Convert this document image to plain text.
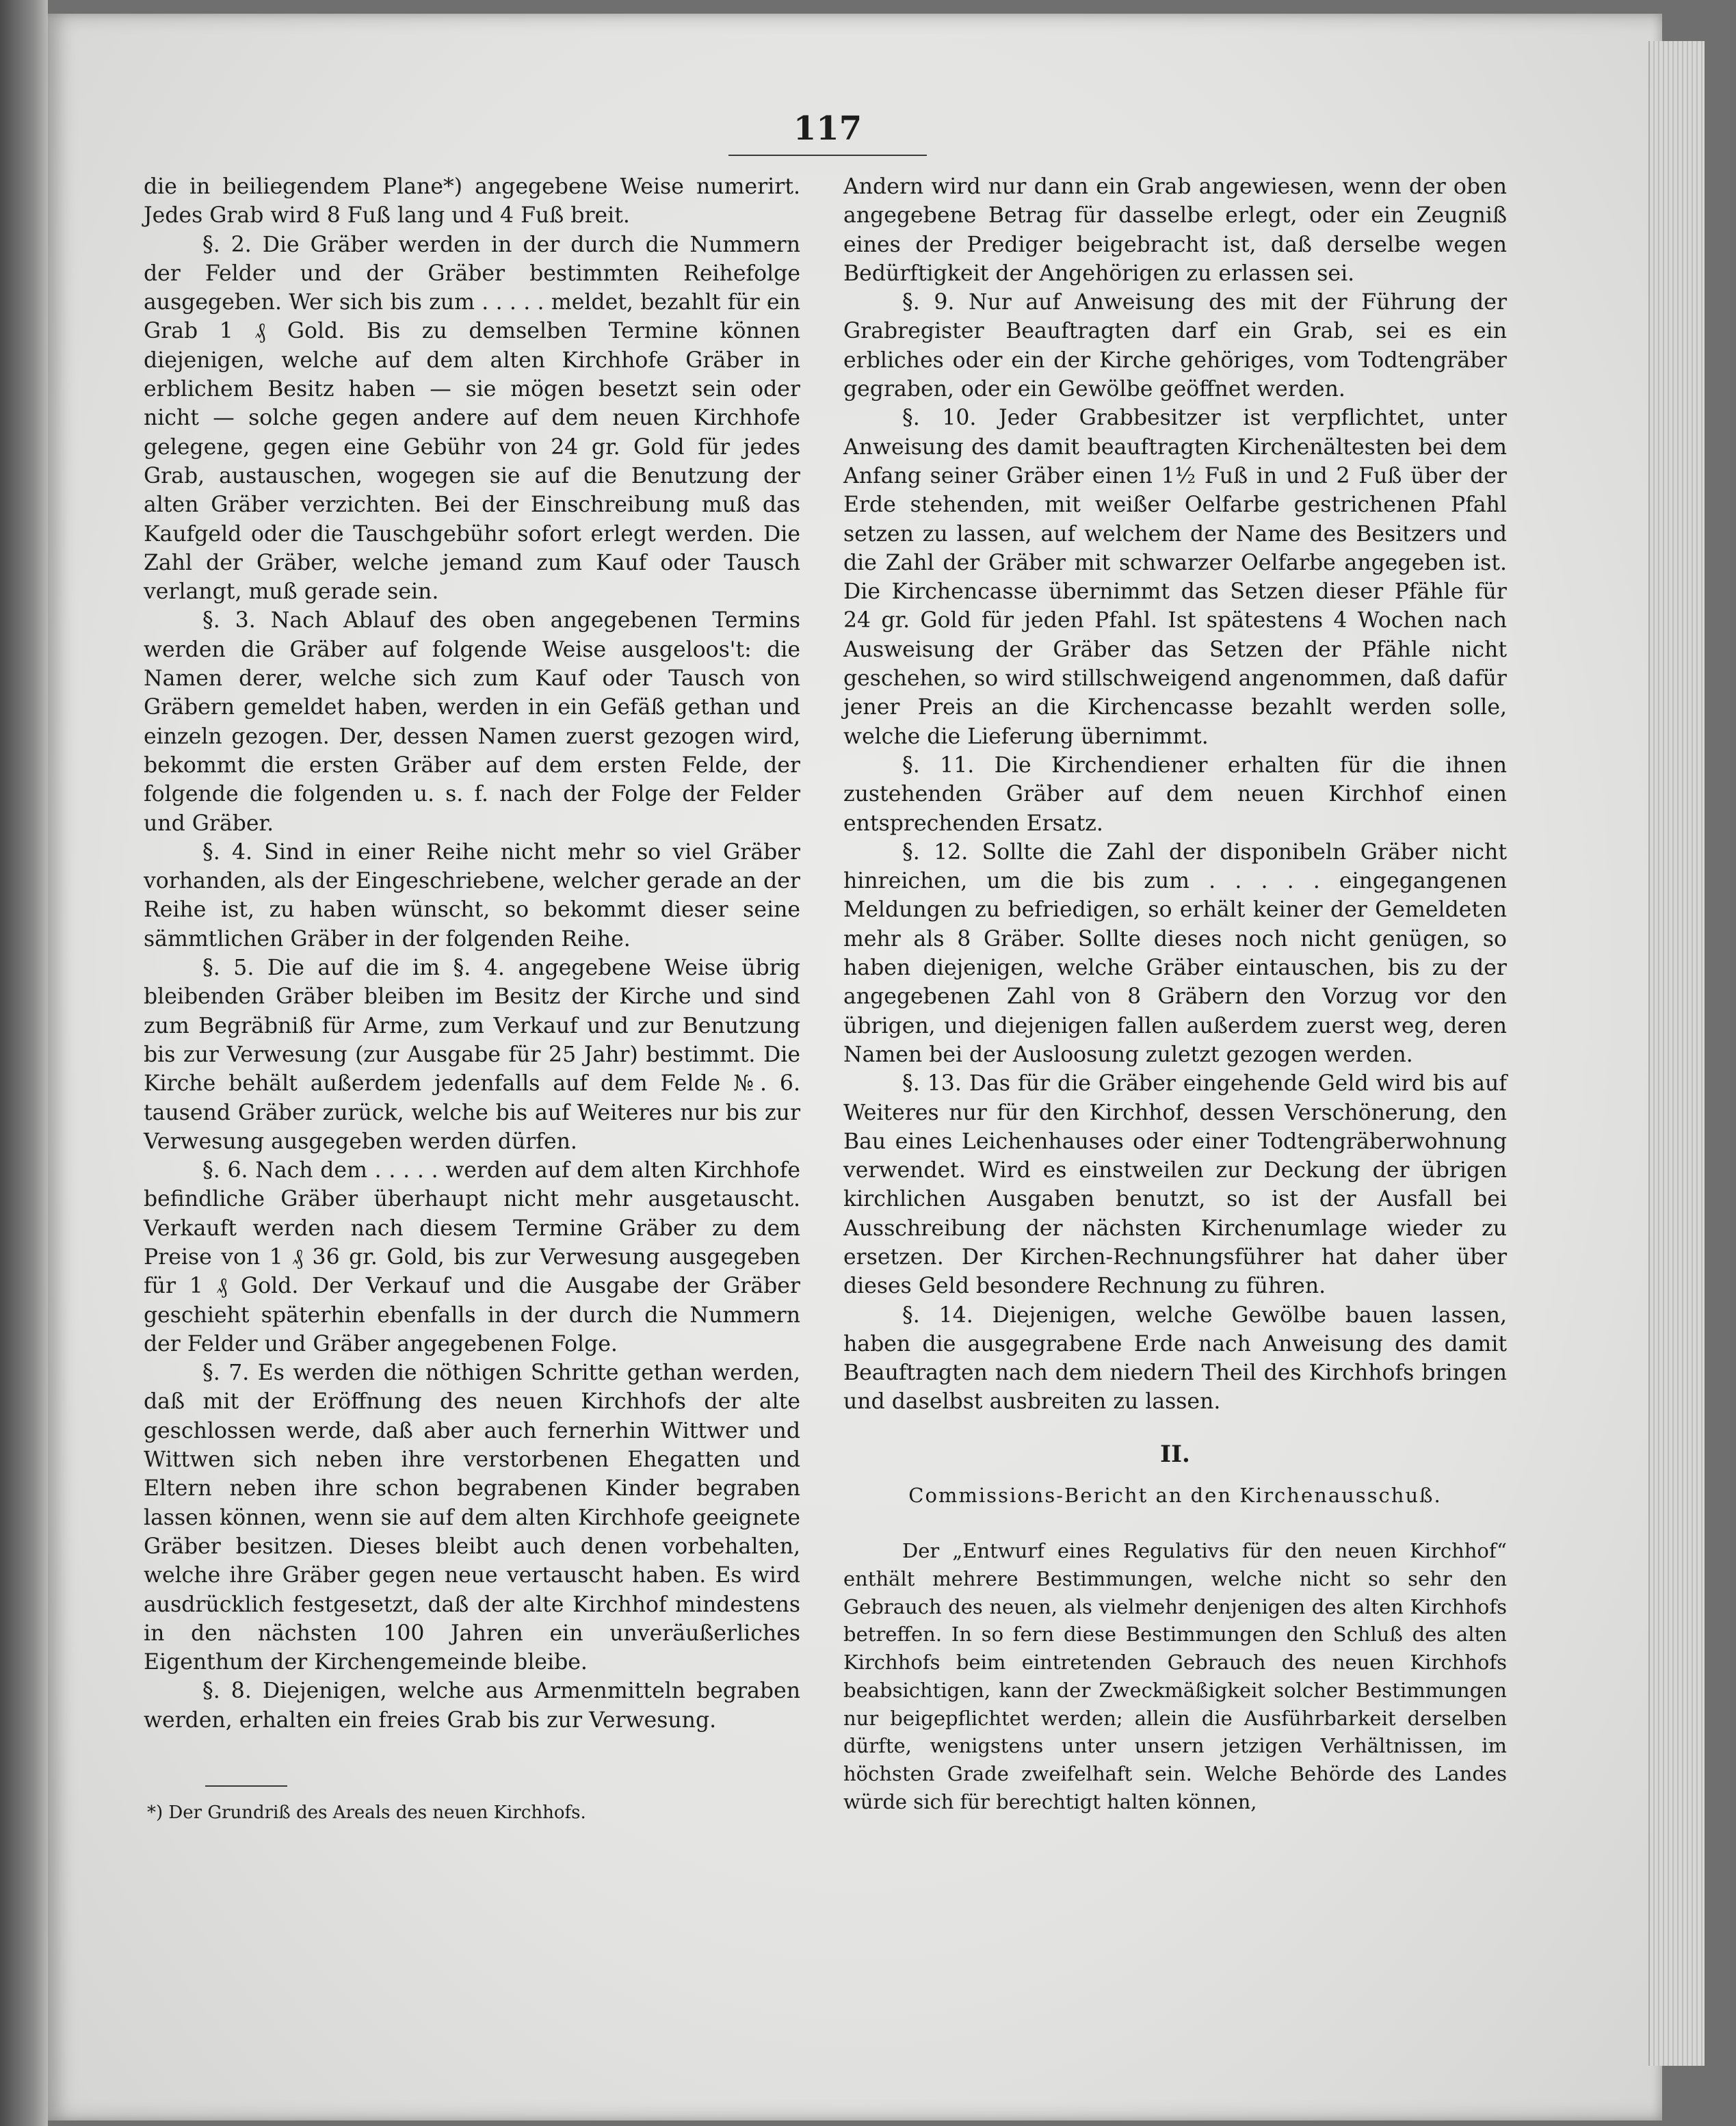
117

die in beiliegendem Plane*) angegebene Weise numerirt. Jedes Grab wird 8 Fuß lang und 4 Fuß breit.

§. 2. Die Gräber werden in der durch die Nummern der Felder und der Gräber bestimmten Reihefolge ausgegeben. Wer sich bis zum . . . . . meldet, bezahlt für ein Grab 1 ₰ Gold. Bis zu demselben Termine können diejenigen, welche auf dem alten Kirchhofe Gräber in erblichem Besitz haben — sie mögen besetzt sein oder nicht — solche gegen andere auf dem neuen Kirchhofe gelegene, gegen eine Gebühr von 24 gr. Gold für jedes Grab, austauschen, wogegen sie auf die Benutzung der alten Gräber verzichten. Bei der Einschreibung muß das Kaufgeld oder die Tauschgebühr sofort erlegt werden. Die Zahl der Gräber, welche jemand zum Kauf oder Tausch verlangt, muß gerade sein.

§. 3. Nach Ablauf des oben angegebenen Termins werden die Gräber auf folgende Weise ausgeloos't: die Namen derer, welche sich zum Kauf oder Tausch von Gräbern gemeldet haben, werden in ein Gefäß gethan und einzeln gezogen. Der, dessen Namen zuerst gezogen wird, bekommt die ersten Gräber auf dem ersten Felde, der folgende die folgenden u. s. f. nach der Folge der Felder und Gräber.

§. 4. Sind in einer Reihe nicht mehr so viel Gräber vorhanden, als der Eingeschriebene, welcher gerade an der Reihe ist, zu haben wünscht, so bekommt dieser seine sämmtlichen Gräber in der folgenden Reihe.

§. 5. Die auf die im §. 4. angegebene Weise übrig bleibenden Gräber bleiben im Besitz der Kirche und sind zum Begräbniß für Arme, zum Verkauf und zur Benutzung bis zur Verwesung (zur Ausgabe für 25 Jahr) bestimmt. Die Kirche behält außerdem jedenfalls auf dem Felde №. 6. tausend Gräber zurück, welche bis auf Weiteres nur bis zur Verwesung ausgegeben werden dürfen.

§. 6. Nach dem . . . . . werden auf dem alten Kirchhofe befindliche Gräber überhaupt nicht mehr ausgetauscht. Verkauft werden nach diesem Termine Gräber zu dem Preise von 1 ₰ 36 gr. Gold, bis zur Verwesung ausgegeben für 1 ₰ Gold. Der Verkauf und die Ausgabe der Gräber geschieht späterhin ebenfalls in der durch die Nummern der Felder und Gräber angegebenen Folge.

§. 7. Es werden die nöthigen Schritte gethan werden, daß mit der Eröffnung des neuen Kirchhofs der alte geschlossen werde, daß aber auch fernerhin Wittwer und Wittwen sich neben ihre verstorbenen Ehegatten und Eltern neben ihre schon begrabenen Kinder begraben lassen können, wenn sie auf dem alten Kirchhofe geeignete Gräber besitzen. Dieses bleibt auch denen vorbehalten, welche ihre Gräber gegen neue vertauscht haben. Es wird ausdrücklich festgesetzt, daß der alte Kirchhof mindestens in den nächsten 100 Jahren ein unveräußerliches Eigenthum der Kirchengemeinde bleibe.

§. 8. Diejenigen, welche aus Armenmitteln begraben werden, erhalten ein freies Grab bis zur Verwesung.

*) Der Grundriß des Areals des neuen Kirchhofs.

Andern wird nur dann ein Grab angewiesen, wenn der oben angegebene Betrag für dasselbe erlegt, oder ein Zeugniß eines der Prediger beigebracht ist, daß derselbe wegen Bedürftigkeit der Angehörigen zu erlassen sei.

§. 9. Nur auf Anweisung des mit der Führung der Grabregister Beauftragten darf ein Grab, sei es ein erbliches oder ein der Kirche gehöriges, vom Todtengräber gegraben, oder ein Gewölbe geöffnet werden.

§. 10. Jeder Grabbesitzer ist verpflichtet, unter Anweisung des damit beauftragten Kirchenältesten bei dem Anfang seiner Gräber einen 1½ Fuß in und 2 Fuß über der Erde stehenden, mit weißer Oelfarbe gestrichenen Pfahl setzen zu lassen, auf welchem der Name des Besitzers und die Zahl der Gräber mit schwarzer Oelfarbe angegeben ist. Die Kirchencasse übernimmt das Setzen dieser Pfähle für 24 gr. Gold für jeden Pfahl. Ist spätestens 4 Wochen nach Ausweisung der Gräber das Setzen der Pfähle nicht geschehen, so wird stillschweigend angenommen, daß dafür jener Preis an die Kirchencasse bezahlt werden solle, welche die Lieferung übernimmt.

§. 11. Die Kirchendiener erhalten für die ihnen zustehenden Gräber auf dem neuen Kirchhof einen entsprechenden Ersatz.

§. 12. Sollte die Zahl der disponibeln Gräber nicht hinreichen, um die bis zum . . . . . eingegangenen Meldungen zu befriedigen, so erhält keiner der Gemeldeten mehr als 8 Gräber. Sollte dieses noch nicht genügen, so haben diejenigen, welche Gräber eintauschen, bis zu der angegebenen Zahl von 8 Gräbern den Vorzug vor den übrigen, und diejenigen fallen außerdem zuerst weg, deren Namen bei der Ausloosung zuletzt gezogen werden.

§. 13. Das für die Gräber eingehende Geld wird bis auf Weiteres nur für den Kirchhof, dessen Verschönerung, den Bau eines Leichenhauses oder einer Todtengräberwohnung verwendet. Wird es einstweilen zur Deckung der übrigen kirchlichen Ausgaben benutzt, so ist der Ausfall bei Ausschreibung der nächsten Kirchenumlage wieder zu ersetzen. Der Kirchen-Rechnungsführer hat daher über dieses Geld besondere Rechnung zu führen.

§. 14. Diejenigen, welche Gewölbe bauen lassen, haben die ausgegrabene Erde nach Anweisung des damit Beauftragten nach dem niedern Theil des Kirchhofs bringen und daselbst ausbreiten zu lassen.

II.
Commissions-Bericht an den Kirchenausschuß.

Der „Entwurf eines Regulativs für den neuen Kirchhof“ enthält mehrere Bestimmungen, welche nicht so sehr den Gebrauch des neuen, als vielmehr denjenigen des alten Kirchhofs betreffen. In so fern diese Bestimmungen den Schluß des alten Kirchhofs beim eintretenden Gebrauch des neuen Kirchhofs beabsichtigen, kann der Zweckmäßigkeit solcher Bestimmungen nur beigepflichtet werden; allein die Ausführbarkeit derselben dürfte, wenigstens unter unsern jetzigen Verhältnissen, im höchsten Grade zweifelhaft sein. Welche Behörde des Landes würde sich für berechtigt halten können,
